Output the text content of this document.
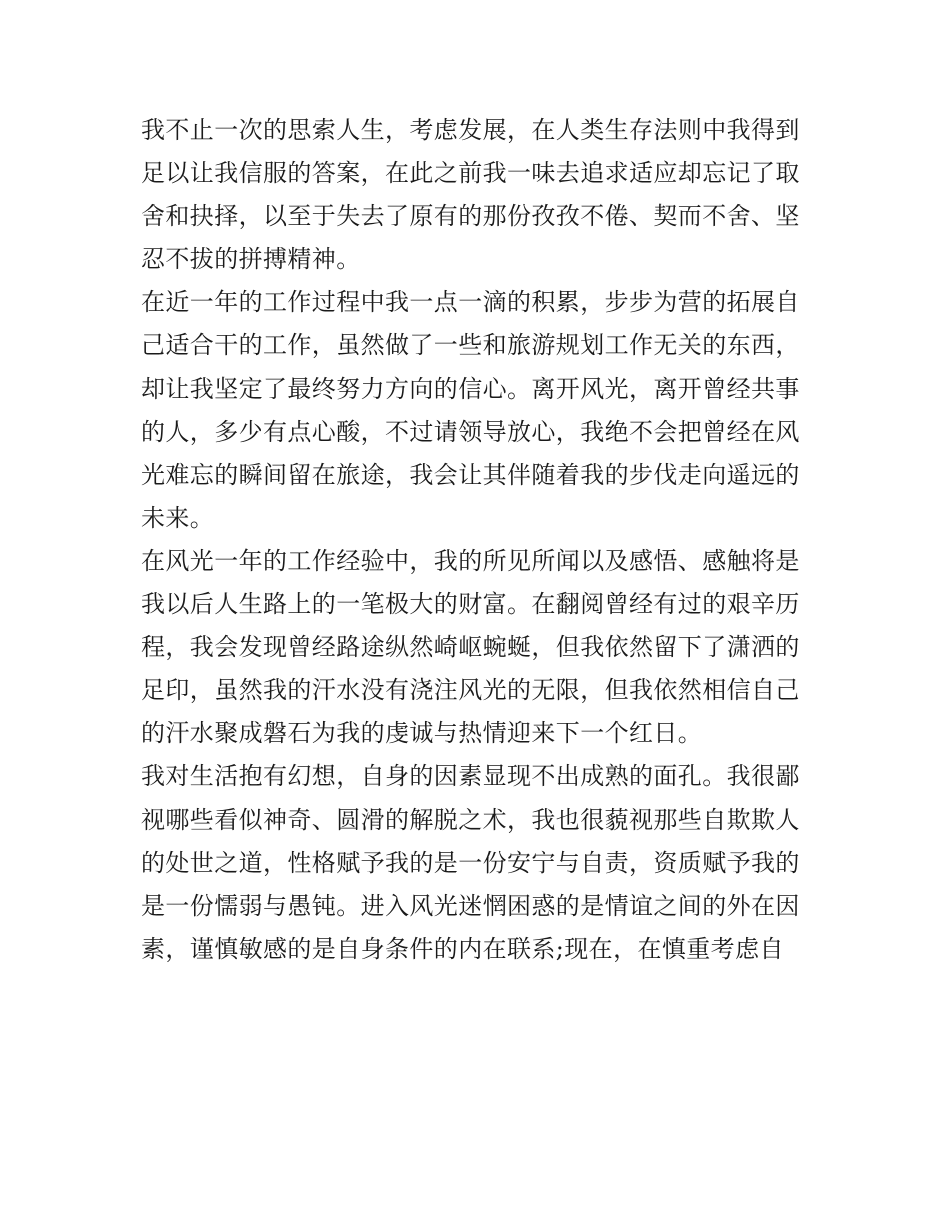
我不止一次的思索人生，考虑发展，在人类生存法则中我得到
足以让我信服的答案，在此之前我一味去追求适应却忘记了取
舍和抉择，以至于失去了原有的那份孜孜不倦、契而不舍、坚
忍不拔的拼搏精神。
在近一年的工作过程中我一点一滴的积累，步步为营的拓展自
己适合干的工作，虽然做了一些和旅游规划工作无关的东西，
却让我坚定了最终努力方向的信心。离开风光，离开曾经共事
的人，多少有点心酸，不过请领导放心，我绝不会把曾经在风
光难忘的瞬间留在旅途，我会让其伴随着我的步伐走向遥远的
未来。
在风光一年的工作经验中，我的所见所闻以及感悟、感触将是
我以后人生路上的一笔极大的财富。在翻阅曾经有过的艰辛历
程，我会发现曾经路途纵然崎岖蜿蜒，但我依然留下了潇洒的
足印，虽然我的汗水没有浇注风光的无限，但我依然相信自己
的汗水聚成磐石为我的虔诚与热情迎来下一个红日。
我对生活抱有幻想，自身的因素显现不出成熟的面孔。我很鄙
视哪些看似神奇、圆滑的解脱之术，我也很藐视那些自欺欺人
的处世之道，性格赋予我的是一份安宁与自责，资质赋予我的
是一份懦弱与愚钝。进入风光迷惘困惑的是情谊之间的外在因
素，谨慎敏感的是自身条件的内在联系;现在，在慎重考虑自
